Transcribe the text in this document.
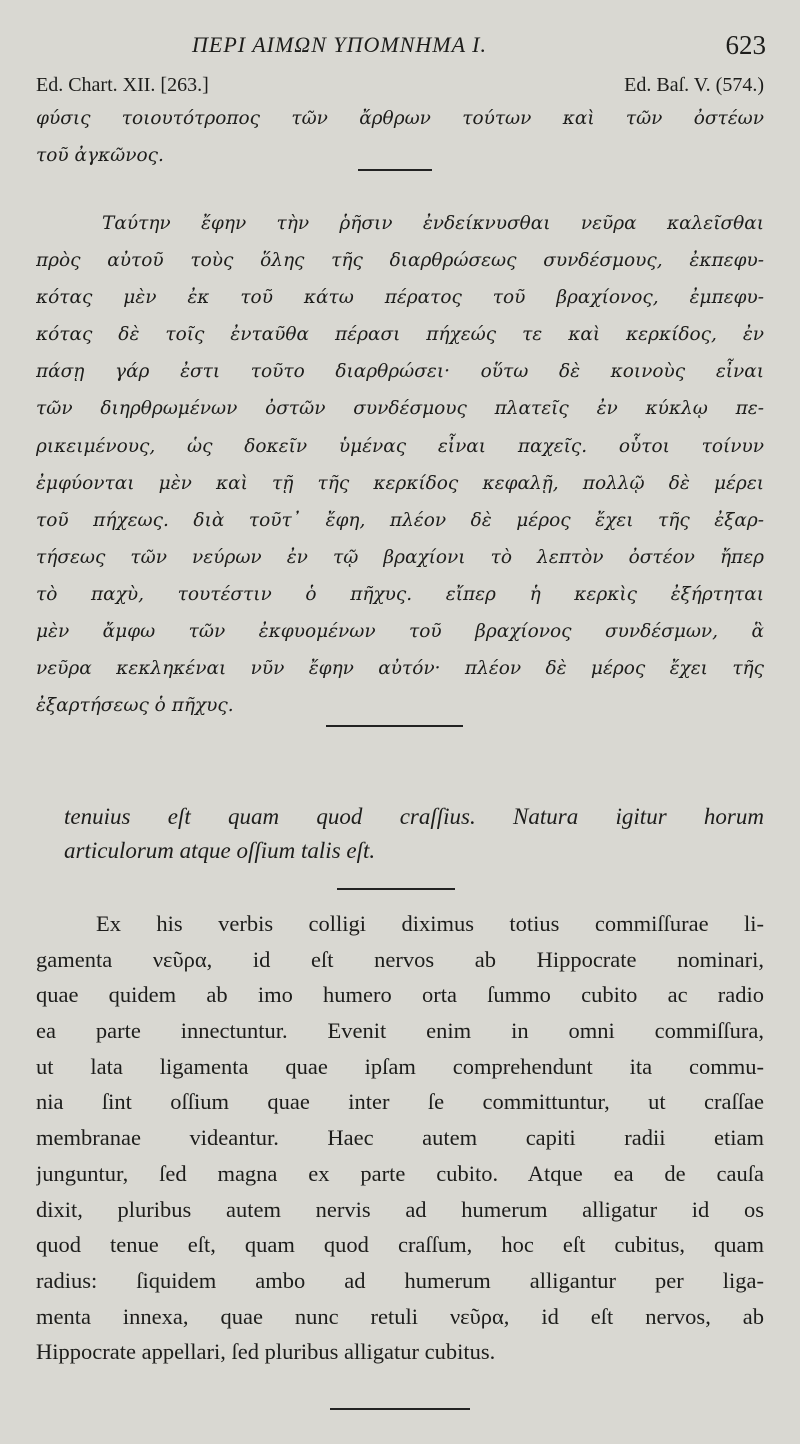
ΠΕΡΙ ΑΙΜΩΝ ΥΠΟΜΝΗΜΑ Ι.	623
Ed. Chart. XII. [263.]	Ed. Baſ. V. (574.)
φύσις τοιουτότροπος τῶν ἄρθρων τούτων καὶ τῶν ὀστέων
τοῦ ἀγκῶνος.
Ταύτην ἔφην τὴν ῥῆσιν ἐνδείκνυσθαι νεῦρα καλεῖσθαι
πρὸς αὐτοῦ τοὺς ὅλης τῆς διαρθρώσεως συνδέσμους, ἐκπεφυ-
κότας μὲν ἐκ τοῦ κάτω πέρατος τοῦ βραχίονος, ἐμπεφυ-
κότας δὲ τοῖς ἐνταῦθα πέρασι πήχεώς τε καὶ κερκίδος, ἐν
πάσῃ γάρ ἐστι τοῦτο διαρθρώσει· οὕτω δὲ κοινοὺς εἶναι
τῶν διηρθρωμένων ὀστῶν συνδέσμους πλατεῖς ἐν κύκλῳ πε-
ρικειμένους, ὡς δοκεῖν ὑμένας εἶναι παχεῖς. οὗτοι τοίνυν
ἐμφύονται μὲν καὶ τῇ τῆς κερκίδος κεφαλῇ, πολλῷ δὲ μέρει
τοῦ πήχεως. διὰ τοῦτ᾽ ἔφη, πλέον δὲ μέρος ἔχει τῆς ἐξαρ-
τήσεως τῶν νεύρων ἐν τῷ βραχίονι τὸ λεπτὸν ὀστέον ἤπερ
τὸ παχὺ, τουτέστιν ὁ πῆχυς. εἴπερ ἡ κερκὶς ἐξήρτηται
μὲν ἄμφω τῶν ἐκφυομένων τοῦ βραχίονος συνδέσμων, ἃ
νεῦρα κεκληκέναι νῦν ἔφην αὐτόν· πλέον δὲ μέρος ἔχει τῆς
ἐξαρτήσεως ὁ πῆχυς.
tenuius eſt quam quod craſſius. Natura igitur horum
articulorum atque oſſium talis eſt.
Ex his verbis colligi diximus totius commiſſurae li-
gamenta νεῦρα, id eſt nervos ab Hippocrate nominari,
quae quidem ab imo humero orta ſummo cubito ac radio
ea parte innectuntur. Evenit enim in omni commiſſura,
ut lata ligamenta quae ipſam comprehendunt ita commu-
nia ſint oſſium quae inter ſe committuntur, ut craſſae
membranae videantur. Haec autem capiti radii etiam
junguntur, ſed magna ex parte cubito. Atque ea de cauſa
dixit, pluribus autem nervis ad humerum alligatur id os
quod tenue eſt, quam quod craſſum, hoc eſt cubitus, quam
radius: ſiquidem ambo ad humerum alligantur per liga-
menta innexa, quae nunc retuli νεῦρα, id eſt nervos, ab
Hippocrate appellari, ſed pluribus alligatur cubitus.
